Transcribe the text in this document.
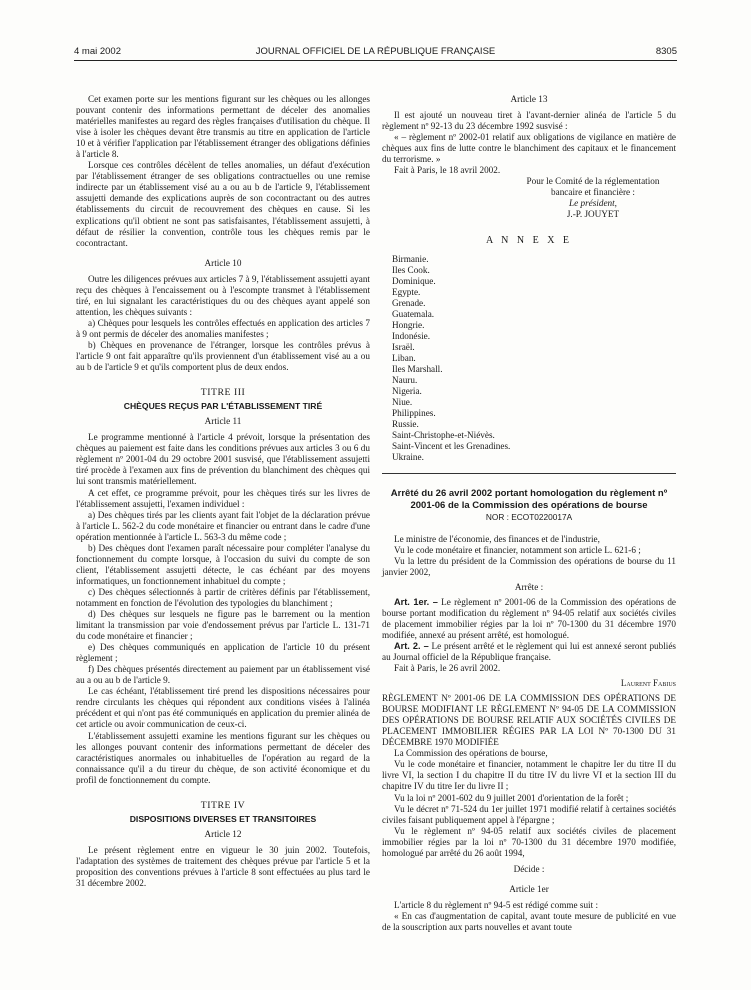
4 mai 2002	JOURNAL OFFICIEL DE LA RÉPUBLIQUE FRANÇAISE	8305

Cet examen porte sur les mentions figurant sur les chèques ou les allonges pouvant contenir des informations permettant de déceler des anomalies matérielles manifestes au regard des règles françaises d'utilisation du chèque. Il vise à isoler les chèques devant être transmis au titre en application de l'article 10 et à vérifier l'application par l'établissement étranger des obligations définies à l'article 8.

Lorsque ces contrôles décèlent de telles anomalies, un défaut d'exécution par l'établissement étranger de ses obligations contractuelles ou une remise indirecte par un établissement visé au a ou au b de l'article 9, l'établissement assujetti demande des explications auprès de son cocontractant ou des autres établissements du circuit de recouvrement des chèques en cause. Si les explications qu'il obtient ne sont pas satisfaisantes, l'établissement assujetti, à défaut de résilier la convention, contrôle tous les chèques remis par le cocontractant.

Article 10

Outre les diligences prévues aux articles 7 à 9, l'établissement assujetti ayant reçu des chèques à l'encaissement ou à l'escompte transmet à l'établissement tiré, en lui signalant les caractéristiques du ou des chèques ayant appelé son attention, les chèques suivants :

a) Chèques pour lesquels les contrôles effectués en application des articles 7 à 9 ont permis de déceler des anomalies manifestes ;

b) Chèques en provenance de l'étranger, lorsque les contrôles prévus à l'article 9 ont fait apparaître qu'ils proviennent d'un établissement visé au a ou au b de l'article 9 et qu'ils comportent plus de deux endos.

TITRE III

CHÈQUES REÇUS PAR L'ÉTABLISSEMENT TIRÉ

Article 11

Le programme mentionné à l'article 4 prévoit, lorsque la présentation des chèques au paiement est faite dans les conditions prévues aux articles 3 ou 6 du règlement nº 2001-04 du 29 octobre 2001 susvisé, que l'établissement assujetti tiré procède à l'examen aux fins de prévention du blanchiment des chèques qui lui sont transmis matériellement.

A cet effet, ce programme prévoit, pour les chèques tirés sur les livres de l'établissement assujetti, l'examen individuel :

a) Des chèques tirés par les clients ayant fait l'objet de la déclaration prévue à l'article L. 562-2 du code monétaire et financier ou entrant dans le cadre d'une opération mentionnée à l'article L. 563-3 du même code ;

b) Des chèques dont l'examen paraît nécessaire pour compléter l'analyse du fonctionnement du compte lorsque, à l'occasion du suivi du compte de son client, l'établissement assujetti détecte, le cas échéant par des moyens informatiques, un fonctionnement inhabituel du compte ;

c) Des chèques sélectionnés à partir de critères définis par l'établissement, notamment en fonction de l'évolution des typologies du blanchiment ;

d) Des chèques sur lesquels ne figure pas le barrement ou la mention limitant la transmission par voie d'endossement prévus par l'article L. 131-71 du code monétaire et financier ;

e) Des chèques communiqués en application de l'article 10 du présent règlement ;

f) Des chèques présentés directement au paiement par un établissement visé au a ou au b de l'article 9.

Le cas échéant, l'établissement tiré prend les dispositions nécessaires pour rendre circulants les chèques qui répondent aux conditions visées à l'alinéa précédent et qui n'ont pas été communiqués en application du premier alinéa de cet article ou avoir communication de ceux-ci.

L'établissement assujetti examine les mentions figurant sur les chèques ou les allonges pouvant contenir des informations permettant de déceler des caractéristiques anormales ou inhabituelles de l'opération au regard de la connaissance qu'il a du tireur du chèque, de son activité économique et du profil de fonctionnement du compte.

TITRE IV

DISPOSITIONS DIVERSES ET TRANSITOIRES

Article 12

Le présent règlement entre en vigueur le 30 juin 2002. Toutefois, l'adaptation des systèmes de traitement des chèques prévue par l'article 5 et la proposition des conventions prévues à l'article 8 sont effectuées au plus tard le 31 décembre 2002.

Article 13

Il est ajouté un nouveau tiret à l'avant-dernier alinéa de l'article 5 du règlement nº 92-13 du 23 décembre 1992 susvisé :

« – règlement nº 2002-01 relatif aux obligations de vigilance en matière de chèques aux fins de lutte contre le blanchiment des capitaux et le financement du terrorisme. »

Fait à Paris, le 18 avril 2002.

Pour le Comité de la réglementation

bancaire et financière :

Le président,

J.-P. JOUYET

A N N E X E

Birmanie.

Iles Cook.

Dominique.

Egypte.

Grenade.

Guatemala.

Hongrie.

Indonésie.

Israël.

Liban.

Iles Marshall.

Nauru.

Nigeria.

Niue.

Philippines.

Russie.

Saint-Christophe-et-Niévès.

Saint-Vincent et les Grenadines.

Ukraine.

Arrêté du 26 avril 2002 portant homologation du règlement nº 2001-06 de la Commission des opérations de bourse

NOR : ECOT0220017A

Le ministre de l'économie, des finances et de l'industrie,

Vu le code monétaire et financier, notamment son article L. 621-6 ;

Vu la lettre du président de la Commission des opérations de bourse du 11 janvier 2002,

Arrête :

Art. 1er. – Le règlement nº 2001-06 de la Commission des opérations de bourse portant modification du règlement nº 94-05 relatif aux sociétés civiles de placement immobilier régies par la loi nº 70-1300 du 31 décembre 1970 modifiée, annexé au présent arrêté, est homologué.

Art. 2. – Le présent arrêté et le règlement qui lui est annexé seront publiés au Journal officiel de la République française.

Fait à Paris, le 26 avril 2002.

Laurent Fabius

RÈGLEMENT Nº 2001-06 DE LA COMMISSION DES OPÉRATIONS DE BOURSE MODIFIANT LE RÈGLEMENT Nº 94-05 DE LA COMMISSION DES OPÉRATIONS DE BOURSE RELATIF AUX SOCIÉTÉS CIVILES DE PLACEMENT IMMOBILIER RÉGIES PAR LA LOI Nº 70-1300 DU 31 DÉCEMBRE 1970 MODIFIÉE

La Commission des opérations de bourse,

Vu le code monétaire et financier, notamment le chapitre Ier du titre II du livre VI, la section I du chapitre II du titre IV du livre VI et la section III du chapitre IV du titre Ier du livre II ;

Vu la loi nº 2001-602 du 9 juillet 2001 d'orientation de la forêt ;

Vu le décret nº 71-524 du 1er juillet 1971 modifié relatif à certaines sociétés civiles faisant publiquement appel à l'épargne ;

Vu le règlement nº 94-05 relatif aux sociétés civiles de placement immobilier régies par la loi nº 70-1300 du 31 décembre 1970 modifiée, homologué par arrêté du 26 août 1994,

Décide :

Article 1er

L'article 8 du règlement nº 94-5 est rédigé comme suit :

« En cas d'augmentation de capital, avant toute mesure de publicité en vue de la souscription aux parts nouvelles et avant toute
